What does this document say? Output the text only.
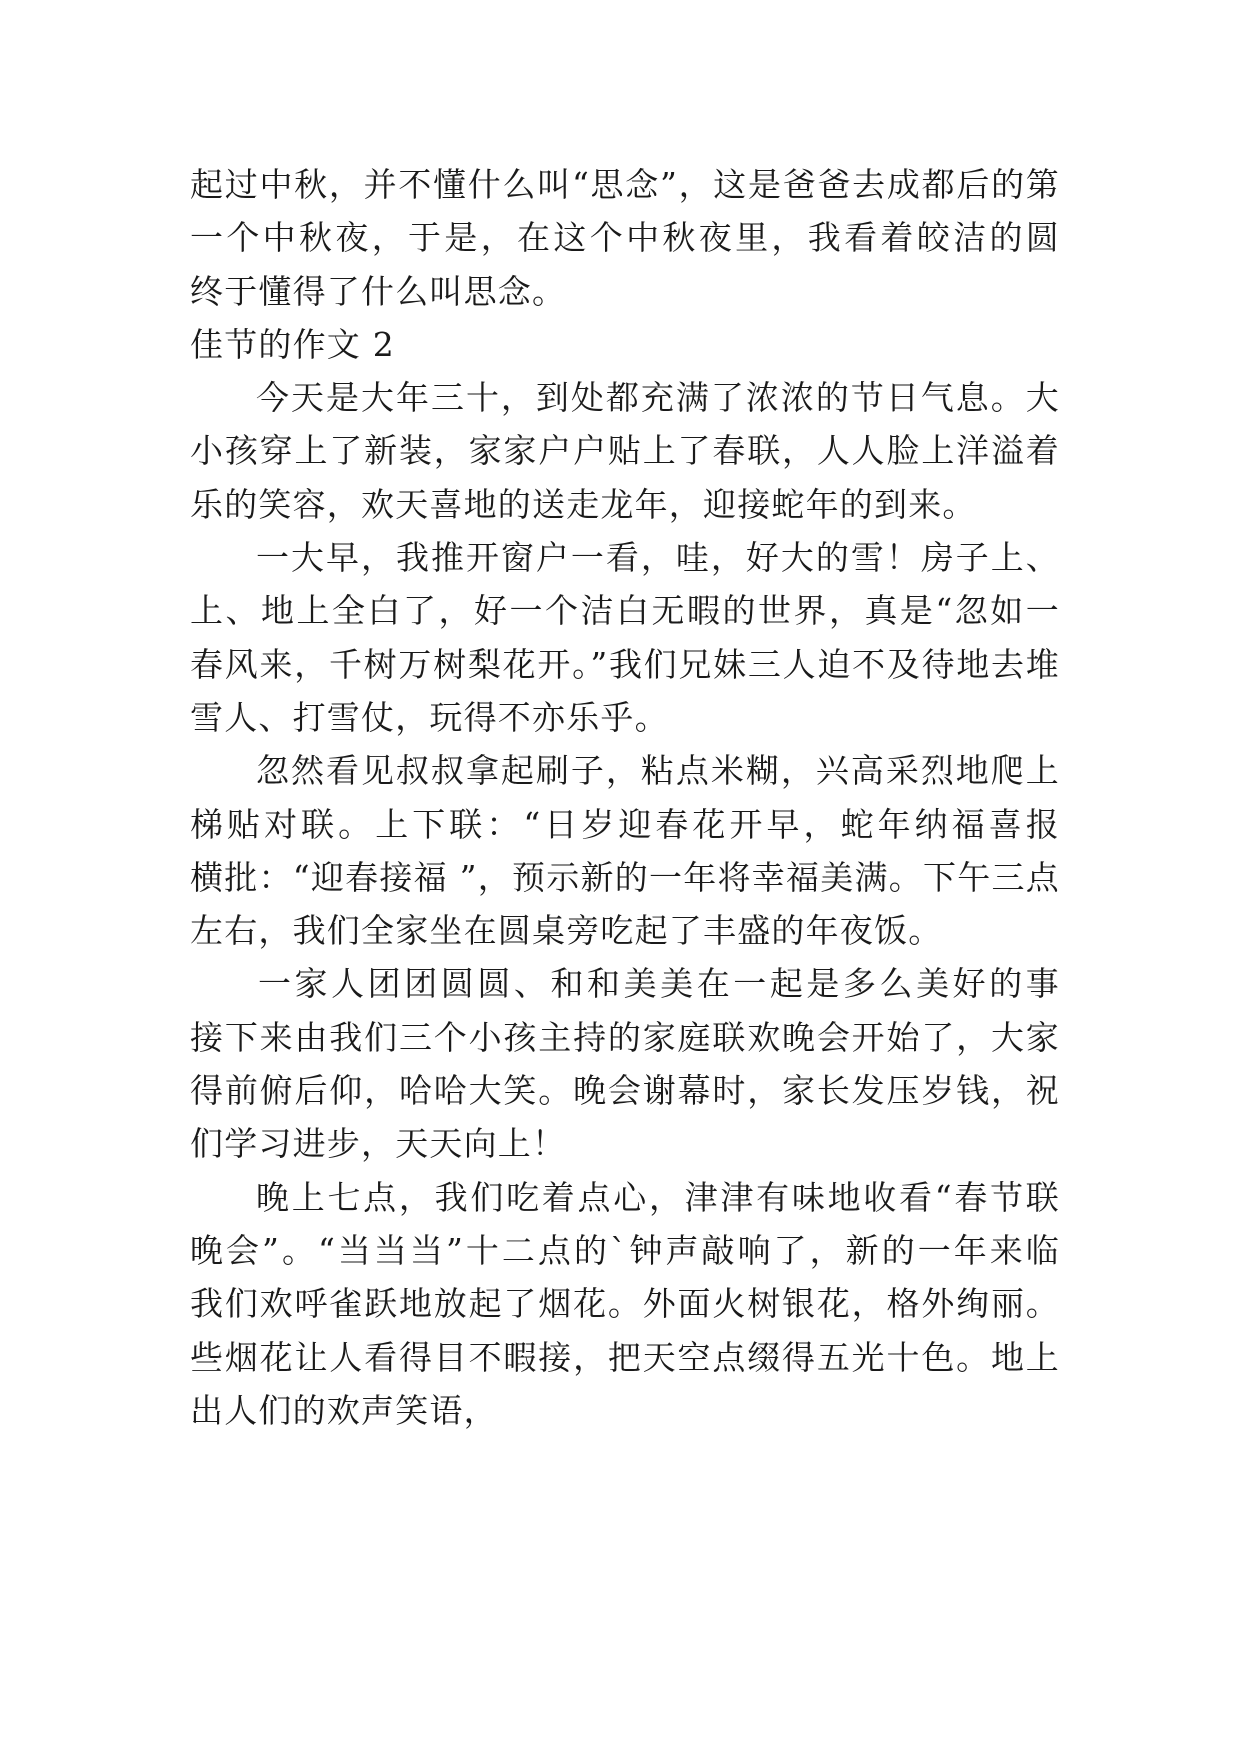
起过中秋，并不懂什么叫“思念”，这是爸爸去成都后的第
一个中秋夜，于是，在这个中秋夜里，我看着皎洁的圆
终于懂得了什么叫思念。
佳节的作文 2
今天是大年三十，到处都充满了浓浓的节日气息。大
小孩穿上了新装，家家户户贴上了春联，人人脸上洋溢着
乐的笑容，欢天喜地的送走龙年，迎接蛇年的到来。
一大早，我推开窗户一看，哇，好大的雪！房子上、
上、地上全白了，好一个洁白无暇的世界，真是“忽如一
春风来，千树万树梨花开。”我们兄妹三人迫不及待地去堆
雪人、打雪仗，玩得不亦乐乎。
忽然看见叔叔拿起刷子，粘点米糊，兴高采烈地爬上
梯贴对联。上下联：“日岁迎春花开早，蛇年纳福喜报
横批：“迎春接福 ”，预示新的一年将幸福美满。下午三点
左右，我们全家坐在圆桌旁吃起了丰盛的年夜饭。
一家人团团圆圆、和和美美在一起是多么美好的事
接下来由我们三个小孩主持的家庭联欢晚会开始了，大家
得前俯后仰，哈哈大笑。晚会谢幕时，家长发压岁钱，祝
们学习进步，天天向上！
晚上七点，我们吃着点心，津津有味地收看“春节联
晚会”。“当当当”十二点的`钟声敲响了，新的一年来临
我们欢呼雀跃地放起了烟花。外面火树银花，格外绚丽。
些烟花让人看得目不暇接，把天空点缀得五光十色。地上
出人们的欢声笑语，
